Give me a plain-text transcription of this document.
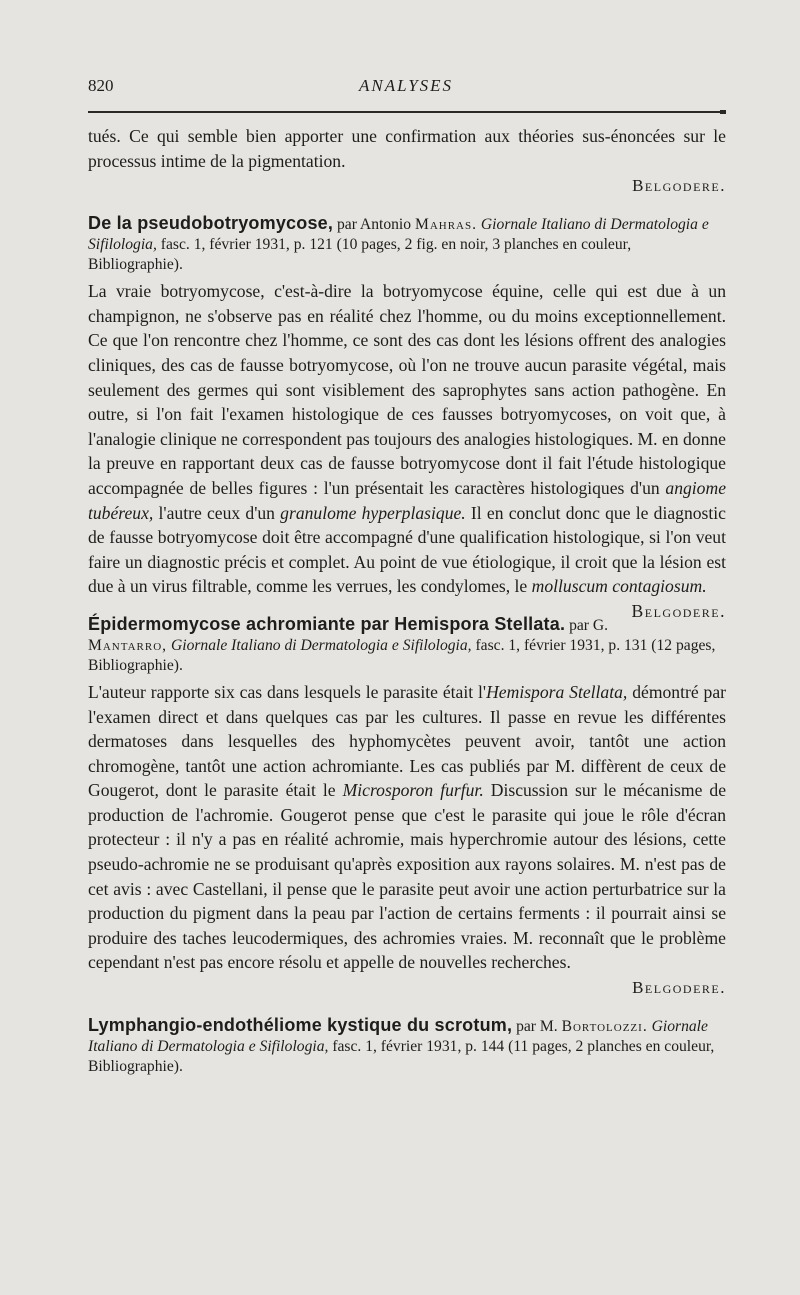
820	ANALYSES

tués. Ce qui semble bien apporter une confirmation aux théories sus-énoncées sur le processus intime de la pigmentation.

Belgodere.
De la pseudobotryomycose, par Antonio Mahras. Giornale Italiano di Dermatologia e Sifilologia, fasc. 1, février 1931, p. 121 (10 pages, 2 fig. en noir, 3 planches en couleur, Bibliographie).

La vraie botryomycose, c'est-à-dire la botryomycose équine, celle qui est due à un champignon, ne s'observe pas en réalité chez l'homme, ou du moins exceptionnellement. Ce que l'on rencontre chez l'homme, ce sont des cas dont les lésions offrent des analogies cliniques, des cas de fausse botryomycose, où l'on ne trouve aucun parasite végétal, mais seulement des germes qui sont visiblement des saprophytes sans action pathogène. En outre, si l'on fait l'examen histologique de ces fausses botryomycoses, on voit que, à l'analogie clinique ne correspondent pas toujours des analogies histologiques. M. en donne la preuve en rapportant deux cas de fausse botryomycose dont il fait l'étude histologique accompagnée de belles figures : l'un présentait les caractères histologiques d'un angiome tubéreux, l'autre ceux d'un granulome hyperplasique. Il en conclut donc que le diagnostic de fausse botryomycose doit être accompagné d'une qualification histologique, si l'on veut faire un diagnostic précis et complet. Au point de vue étiologique, il croit que la lésion est due à un virus filtrable, comme les verrues, les condylomes, le molluscum contagiosum.
Belgodere.

Épidermomycose achromiante par Hemispora Stellata. par G. Mantarro, Giornale Italiano di Dermatologia e Sifilologia, fasc. 1, février 1931, p. 131 (12 pages, Bibliographie).

L'auteur rapporte six cas dans lesquels le parasite était l'Hemispora Stellata, démontré par l'examen direct et dans quelques cas par les cultures. Il passe en revue les différentes dermatoses dans lesquelles des hyphomycètes peuvent avoir, tantôt une action chromogène, tantôt une action achromiante. Les cas publiés par M. diffèrent de ceux de Gougerot, dont le parasite était le Microsporon furfur. Discussion sur le mécanisme de production de l'achromie. Gougerot pense que c'est le parasite qui joue le rôle d'écran protecteur : il n'y a pas en réalité achromie, mais hyperchromie autour des lésions, cette pseudo-achromie ne se produisant qu'après exposition aux rayons solaires. M. n'est pas de cet avis : avec Castellani, il pense que le parasite peut avoir une action perturbatrice sur la production du pigment dans la peau par l'action de certains ferments : il pourrait ainsi se produire des taches leucodermiques, des achromies vraies. M. reconnaît que le problème cependant n'est pas encore résolu et appelle de nouvelles recherches.

Belgodere.
Lymphangio-endothéliome kystique du scrotum, par M. Bortolozzi. Giornale Italiano di Dermatologia e Sifilologia, fasc. 1, février 1931, p. 144 (11 pages, 2 planches en couleur, Bibliographie).
